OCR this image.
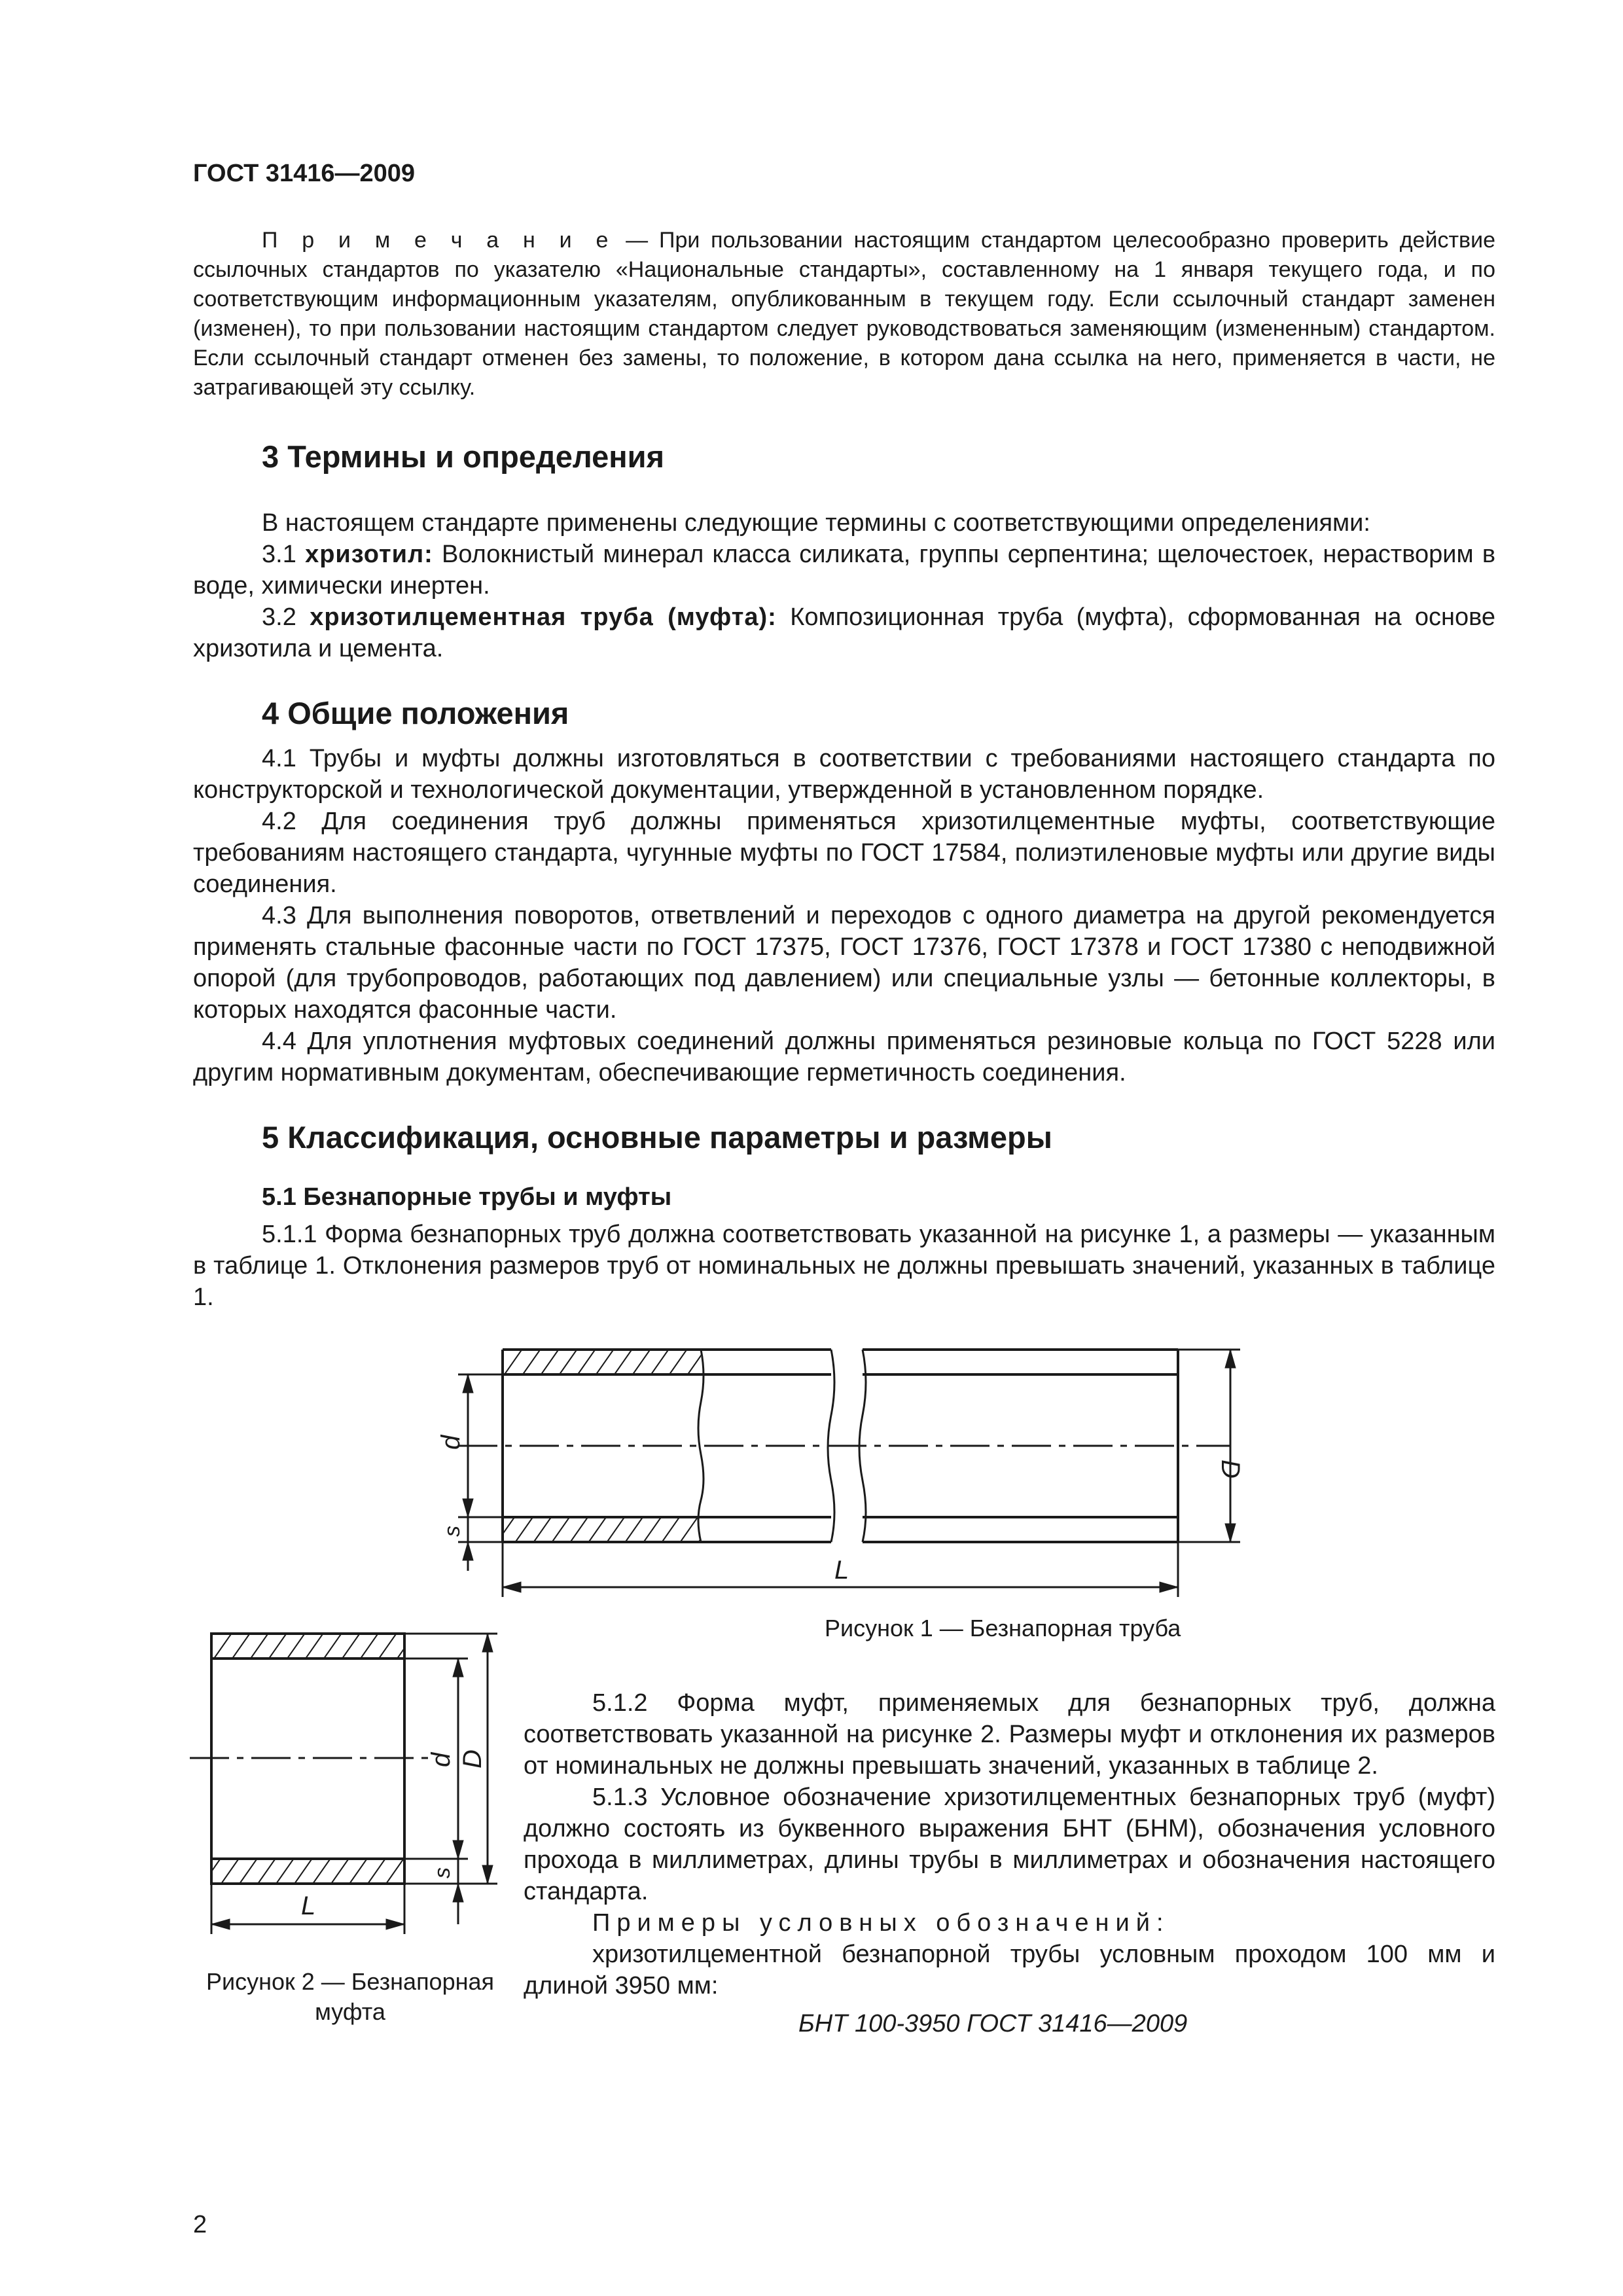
ГОСТ 31416—2009

П р и м е ч а н и е — При пользовании настоящим стандартом целесообразно проверить действие ссылочных стандартов по указателю «Национальные стандарты», составленному на 1 января текущего года, и по соответствующим информационным указателям, опубликованным в текущем году. Если ссылочный стандарт заменен (изменен), то при пользовании настоящим стандартом следует руководствоваться заменяющим (измененным) стандартом. Если ссылочный стандарт отменен без замены, то положение, в котором дана ссылка на него, применяется в части, не затрагивающей эту ссылку.

3 Термины и определения

В настоящем стандарте применены следующие термины с соответствующими определениями:

3.1 хризотил: Волокнистый минерал класса силиката, группы серпентина; щелочестоек, нерастворим в воде, химически инертен.

3.2 хризотилцементная труба (муфта): Композиционная труба (муфта), сформованная на основе хризотила и цемента.

4 Общие положения

4.1 Трубы и муфты должны изготовляться в соответствии с требованиями настоящего стандарта по конструкторской и технологической документации, утвержденной в установленном порядке.

4.2 Для соединения труб должны применяться хризотилцементные муфты, соответствующие требованиям настоящего стандарта, чугунные муфты по ГОСТ 17584, полиэтиленовые муфты или другие виды соединения.

4.3 Для выполнения поворотов, ответвлений и переходов с одного диаметра на другой рекомендуется применять стальные фасонные части по ГОСТ 17375, ГОСТ 17376, ГОСТ 17378 и ГОСТ 17380 с неподвижной опорой (для трубопроводов, работающих под давлением) или специальные узлы — бетонные коллекторы, в которых находятся фасонные части.

4.4 Для уплотнения муфтовых соединений должны применяться резиновые кольца по ГОСТ 5228 или другим нормативным документам, обеспечивающие герметичность соединения.

5 Классификация, основные параметры и размеры
5.1 Безнапорные трубы и муфты

5.1.1 Форма безнапорных труб должна соответствовать указанной на рисунке 1, а размеры — указанным в таблице 1. Отклонения размеров труб от номинальных не должны превышать значений, указанных в таблице 1.

d
s
D
L
d D
s
L
Рисунок 1 — Безнапорная труба
Рисунок 2 — Безнапорная
муфта

5.1.2 Форма муфт, применяемых для безнапорных труб, должна соответствовать указанной на рисунке 2. Размеры муфт и отклонения их размеров от номинальных не должны превышать значений, указанных в таблице 2.

5.1.3 Условное обозначение хризотилцементных безнапорных труб (муфт) должно состоять из буквенного выражения БНТ (БНМ), обозначения условного прохода в миллиметрах, длины трубы в миллиметрах и обозначения настоящего стандарта.

Примеры условных обозначений:

хризотилцементной безнапорной трубы условным проходом 100 мм и длиной 3950 мм:

БНТ 100-3950 ГОСТ 31416—2009

2
